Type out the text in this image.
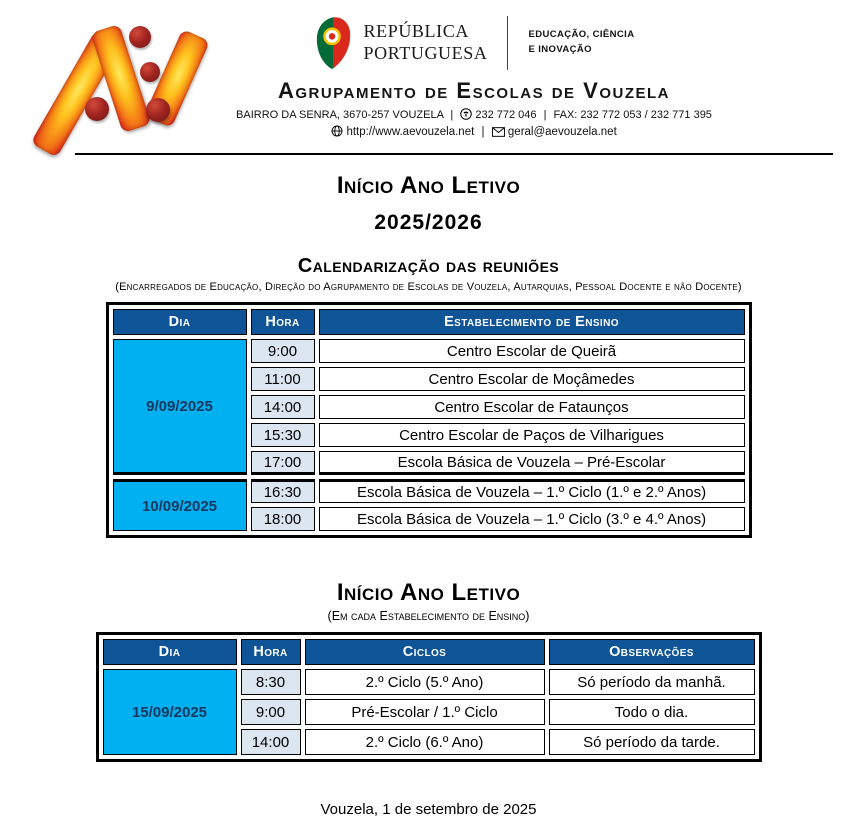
REPÚBLICA
PORTUGUESA
EDUCAÇÃO, CIÊNCIA
E INOVAÇÃO
Agrupamento de Escolas de Vouzela
BAIRRO DA SENRA, 3670-257 VOUZELA | 232 772 046 | FAX: 232 772 053 / 232 771 395
http://www.aevouzela.net | geral@aevouzela.net
Início Ano Letivo
2025/2026
Calendarização das reuniões
(Encarregados de Educação, Direção do Agrupamento de Escolas de Vouzela, Autarquias, Pessoal Docente e não Docente)
Dia	Hora	Estabelecimento de Ensino
9/09/2025	9:00	Centro Escolar de Queirã
	11:00	Centro Escolar de Moçâmedes
	14:00	Centro Escolar de Fataunços
	15:30	Centro Escolar de Paços de Vilharigues
	17:00	Escola Básica de Vouzela – Pré-Escolar
10/09/2025	16:30	Escola Básica de Vouzela – 1.º Ciclo (1.º e 2.º Anos)
	18:00	Escola Básica de Vouzela – 1.º Ciclo (3.º e 4.º Anos)
Início Ano Letivo
(Em cada Estabelecimento de Ensino)
Dia	Hora	Ciclos	Observações
15/09/2025	8:30	2.º Ciclo (5.º Ano)	Só período da manhã.
	9:00	Pré-Escolar / 1.º Ciclo	Todo o dia.
	14:00	2.º Ciclo (6.º Ano)	Só período da tarde.
Vouzela, 1 de setembro de 2025
